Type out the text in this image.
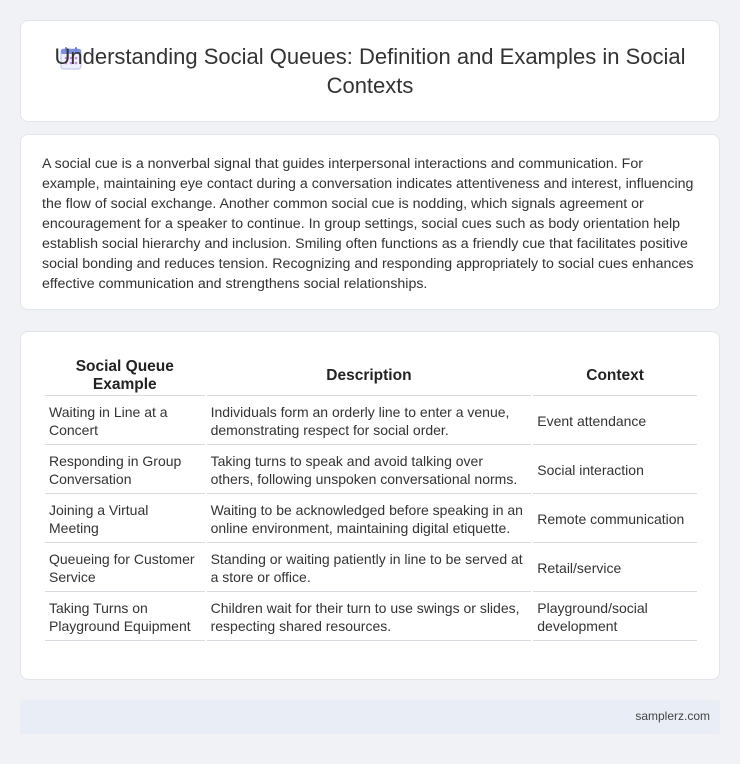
Understanding Social Queues: Definition and Examples in Social Contexts

A social cue is a nonverbal signal that guides interpersonal interactions and communication. For example, maintaining eye contact during a conversation indicates attentiveness and interest, influencing the flow of social exchange. Another common social cue is nodding, which signals agreement or encouragement for a speaker to continue. In group settings, social cues such as body orientation help establish social hierarchy and inclusion. Smiling often functions as a friendly cue that facilitates positive social bonding and reduces tension. Recognizing and responding appropriately to social cues enhances effective communication and strengthens social relationships.

Social Queue Example	Description	Context
Waiting in Line at a Concert	Individuals form an orderly line to enter a venue, demonstrating respect for social order.	Event attendance
Responding in Group Conversation	Taking turns to speak and avoid talking over others, following unspoken conversational norms.	Social interaction
Joining a Virtual Meeting	Waiting to be acknowledged before speaking in an online environment, maintaining digital etiquette.	Remote communication
Queueing for Customer Service	Standing or waiting patiently in line to be served at a store or office.	Retail/service
Taking Turns on Playground Equipment	Children wait for their turn to use swings or slides, respecting shared resources.	Playground/social development
samplerz.com
